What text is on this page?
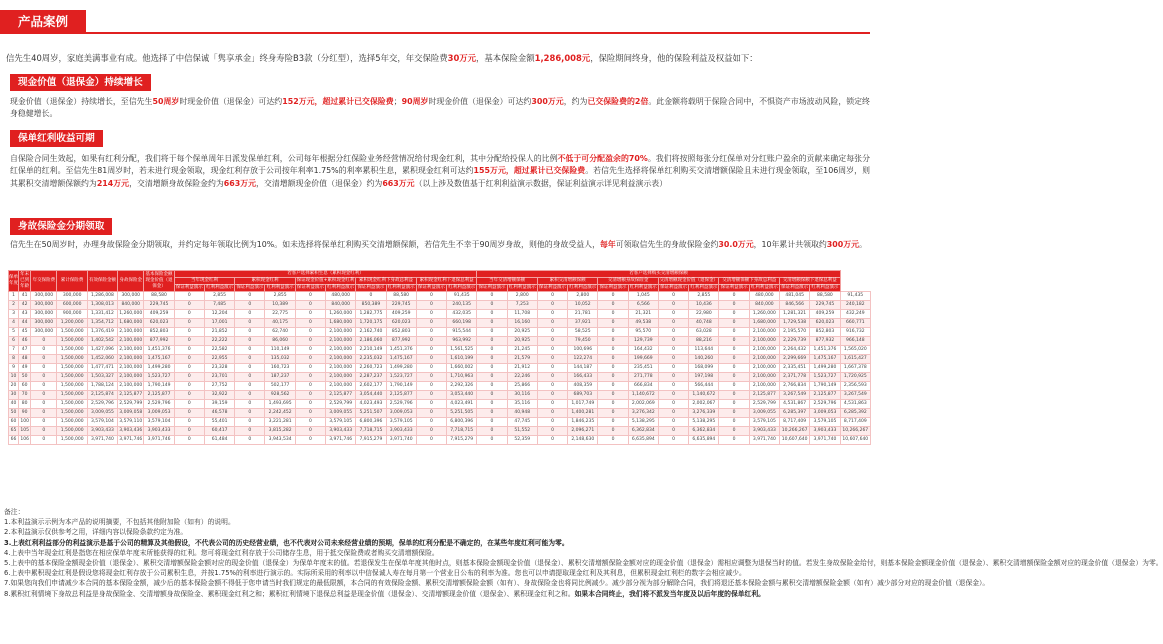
产品案例
信先生40周岁，家庭美满事业有成。他选择了中信保诚「隽享承金」终身寿险B3款（分红型），选择5年交，年交保险费30万元，基本保险金额1,286,008元，保险期间终身，他的保险利益及权益如下：
现金价值（退保金）持续增长
现金价值（退保金）持续增长，至信先生50周岁时现金价值（退保金）可达约152万元，超过累计已交保险费；90周岁时现金价值（退保金）可达约300万元，约为已交保险费的2倍。此金额将载明于保险合同中，不惧资产市场波动风险，锁定终身稳健增长。
保单红利收益可期
自保险合同生效起，如果有红利分配，我们将于每个保单周年日派发保单红利，公司每年根据分红保险业务经营情况给付现金红利，其中分配给投保人的比例不低于可分配盈余的70%。我们将按照每张分红保单对分红账户盈余的贡献来确定每张分红保单的红利。至信先生81周岁时，若未进行现金领取，现金红利存放于公司按年利率1.75%的利率累积生息，累积现金红利可达约155万元，超过累计已交保险费。若信先生选择将保单红利购买交清增额保险且未进行现金领取，至106周岁，则其累积交清增额保额约为214万元，交清增额身故保险金约为663万元，交清增额现金价值（退保金）约为663万元（以上涉及数值基于红利利益演示数据，保证利益演示详见利益演示表）
身故保险金分期领取
信先生在50周岁时，办理身故保险金分期领取，并约定每年领取比例为10%。如未选择将保单红利购买交清增额保额，若信先生不幸于90周岁身故，则他的身故受益人，每年可领取信先生的身故保险金约30.0万元，10年累计共领取约300万元。
保单年度	年末已到年龄	年交保险费	累计保险费	有效保险金额	身故保险金	基本保险金额现金价值（退保金）	若客户选择累积生息（累积现金红利）										若客户选择购买交清增额保额												
							当年现金红利		累积现金红利		保证现金价值+累积现金红利		累积现金红利下身故总利益		累积现金红利下退保总利益		当年交清增额保额		累积交清增额保额		交清增额身故保险金		交清增额现金价值（退保金）		交清增额保额下身故总利益		交清增额保额下退保总利益		
							保证利益演示	红利利益演示	保证利益演示	红利利益演示	保证利益演示	红利利益演示	保证利益演示	红利利益演示	保证利益演示	红利利益演示	保证利益演示	红利利益演示	保证利益演示	红利利益演示	保证利益演示	红利利益演示	保证利益演示	红利利益演示	保证利益演示	红利利益演示	保证利益演示	红利利益演示	
1	41	300,000	300,000	1,286,008	300,000	88,580	0	2,855	0	2,855	0	480,000	0	88,580	0	91,435	0	2,800	0	2,800	0	1,045	0	2,855	0	480,000	481,045	88,580	91,435
2	42	300,000	600,000	1,308,013	840,000	229,745	0	7,485	0	10,389	0	840,000	850,389	229,745	0	240,135	0	7,253	0	10,052	0	6,566	0	10,436	0	840,000	846,566	229,745	240,182
3	43	300,000	900,000	1,331,412	1,260,000	409,259	0	12,204	0	22,775	0	1,260,000	1,282,775	409,259	0	432,035	0	11,708	0	21,781	0	21,321	0	22,980	0	1,260,000	1,281,321	409,259	432,249
4	44	300,000	1,200,000	1,354,712	1,680,000	620,023	0	17,001	0	40,175	0	1,680,000	1,720,175	620,023	0	660,198	0	16,160	0	37,921	0	49,538	0	40,748	0	1,680,000	1,729,538	620,023	660,771
5	45	300,000	1,500,000	1,376,419	2,100,000	852,803	0	21,852	0	62,740	0	2,100,000	2,162,740	852,803	0	915,544	0	20,925	0	58,525	0	95,570	0	63,028	0	2,100,000	2,195,570	852,803	916,732
6	46	0	1,500,000	1,402,542	2,100,000	877,992	0	22,222	0	86,060	0	2,100,000	2,186,060	877,992	0	963,992	0	20,925	0	79,450	0	129,739	0	88,216	0	2,100,000	2,229,739	877,932	966,148
7	47	0	1,500,000	1,427,096	2,100,000	1,451,376	0	22,582	0	110,149	0	2,100,000	2,210,149	1,451,376	0	1,561,525	0	21,245	0	100,696	0	164,432	0	113,644	0	2,100,000	2,264,432	1,451,376	1,565,020
8	48	0	1,500,000	1,452,060	2,100,000	1,475,167	0	22,955	0	135,032	0	2,100,000	2,235,032	1,475,167	0	1,610,199	0	21,579	0	122,274	0	199,669	0	140,260	0	2,100,000	2,299,669	1,475,167	1,615,427
9	49	0	1,500,000	1,477,471	2,100,000	1,499,280	0	23,328	0	160,723	0	2,100,000	2,260,723	1,499,280	0	1,660,002	0	21,912	0	144,187	0	235,451	0	168,099	0	2,100,000	2,335,451	1,499,280	1,667,378
10	50	0	1,500,000	1,503,327	2,100,000	1,523,727	0	23,701	0	187,237	0	2,100,000	2,287,237	1,523,727	0	1,710,963	0	22,246	0	166,433	0	271,778	0	197,198	0	2,100,000	2,371,778	1,523,727	1,720,925
20	60	0	1,500,000	1,788,124	2,100,000	1,790,149	0	27,752	0	502,177	0	2,100,000	2,602,177	1,790,149	0	2,292,326	0	25,866	0	408,359	0	666,834	0	566,444	0	2,100,000	2,766,834	1,790,149	2,356,593
30	70	0	1,500,000	2,125,874	2,125,877	2,125,877	0	32,922	0	928,562	0	2,125,877	3,054,440	2,125,877	0	3,053,440	0	30,116	0	689,703	0	1,140,672	0	1,140,672	0	2,125,877	3,267,549	2,125,877	3,267,549
40	80	0	1,500,000	2,529,796	2,529,799	2,529,796	0	39,159	0	1,493,695	0	2,529,799	4,023,493	2,529,796	0	4,023,491	0	35,116	0	1,017,749	0	2,002,069	0	2,002,067	0	2,529,799	4,531,867	2,529,796	4,531,863
50	90	0	1,500,000	3,009,055	3,009,058	3,009,053	0	46,578	0	2,242,452	0	3,009,055	5,251,507	3,009,053	0	5,251,505	0	40,948	0	1,400,281	0	3,276,342	0	3,276,339	0	3,009,055	6,285,397	3,009,053	6,285,392
60	100	0	1,500,000	3,579,104	3,579,110	3,579,104	0	55,401	0	3,221,281	0	3,579,105	6,800,396	3,579,105	0	6,800,396	0	47,745	0	1,846,235	0	5,138,295	0	5,138,295	0	3,579,105	8,717,409	3,579,105	8,717,409
65	105	0	1,500,000	3,903,433	3,903,436	3,903,433	0	60,417	0	3,815,282	0	3,903,433	7,718,715	3,903,433	0	7,718,715	0	51,552	0	2,096,271	0	6,362,834	0	6,362,834	0	3,903,433	10,266,267	3,903,433	10,266,267
66	106	0	1,500,000	3,971,740	3,971,746	3,971,746	0	61,484	0	3,943,534	0	3,971,746	7,915,279	3,971,740	0	7,915,279	0	52,359	0	2,148,630	0	6,635,894	0	6,635,894	0	3,971,740	10,607,640	3,971,740	10,607,640

备注：

1.本利益演示示例为本产品的说明摘要，不包括其他附加险（如有）的说明。

2.本利益演示仅供参考之用，详细内容以保险条款约定为准。

3.上表红利利益部分的利益演示是基于公司的精算及其他假设，不代表公司的历史经营业绩，也不代表对公司未来经营业绩的预期，保单的红利分配是不确定的，在某些年度红利可能为零。

4.上表中当年现金红利是指您在相应保单年度末所能获得的红利。您可将现金红利存放于公司储存生息，用于抵交保险费或者购买交清增额保险。

5.上表中的基本保险金额现金价值（退保金）、累积交清增额保险金额对应的现金价值（退保金）为保单年度末的值。若退保发生在保单年度其他时点，则基本保险金额现金价值（退保金）、累积交清增额保险金额对应的现金价值（退保金）需相应调整为退保当时的值。若发生身故保险金给付，则基本保险金额现金价值（退保金）、累积交清增额保险金额对应的现金价值（退保金）为零。

6.上表中累积现金红利是假设您将现金红利存放于公司累积生息，并按1.75%的利率进行演示的。实际所采用的利率以中信保诚人寿在每月第一个营业日公布的利率为准。您也可以申请提取现金红利及其利息，但累积现金红利栏的数字会相应减少。

7.如果您向我们申请减少本合同的基本保险金额，减少后的基本保险金额不得低于您申请当时我们规定的最低限额，本合同的有效保险金额、累积交清增额保险金额（如有）、身故保险金也将同比例减少。减少部分视为部分解除合同，我们将退还基本保险金额与累积交清增额保险金额（如有）减少部分对应的现金价值（退保金）。

8.累积红利情境下身故总利益是身故保险金、交清增额身故保险金、累积现金红利之和；累积红利情境下退保总利益是现金价值（退保金）、交清增额现金价值（退保金）、累积现金红利之和。如果本合同终止，我们将不派发当年度及以后年度的保单红利。
